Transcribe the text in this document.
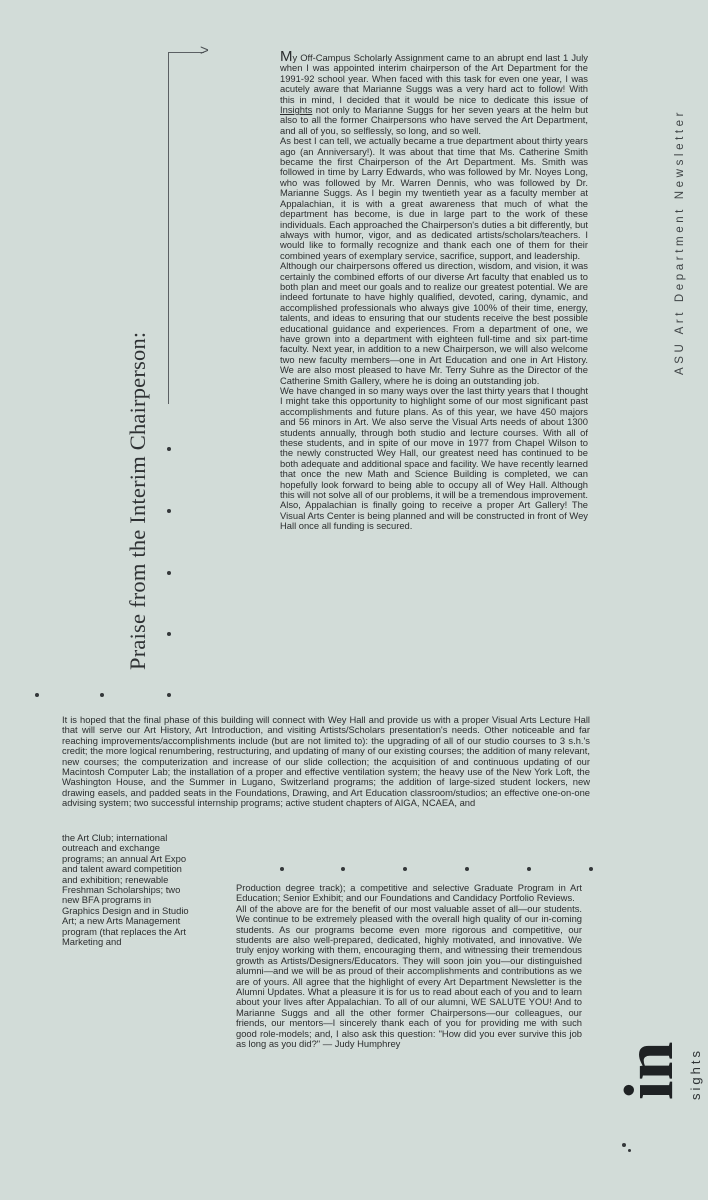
Praise from the Interim Chairperson:
>	My Off-Campus Scholarly Assignment came to an abrupt end last 1 July when I was appointed interim chairperson of the Art Department for the 1991-92 school year. When faced with this task for even one year, I was acutely aware that Marianne Suggs was a very hard act to follow! With this in mind, I decided that it would be nice to dedicate this issue of Insights not only to Marianne Suggs for her seven years at the helm but also to all the former Chairpersons who have served the Art Department, and all of you, so selflessly, so long, and so well.

As best I can tell, we actually became a true department about thirty years ago (an Anniversary!). It was about that time that Ms. Catherine Smith became the first Chairperson of the Art Department. Ms. Smith was followed in time by Larry Edwards, who was followed by Mr. Noyes Long, who was followed by Mr. Warren Dennis, who was followed by Dr. Marianne Suggs. As I begin my twentieth year as a faculty member at Appalachian, it is with a great awareness that much of what the department has become, is due in large part to the work of these individuals. Each approached the Chairperson's duties a bit differently, but always with humor, vigor, and as dedicated artists/scholars/teachers. I would like to formally recognize and thank each one of them for their combined years of exemplary service, sacrifice, support, and leadership.

Although our chairpersons offered us direction, wisdom, and vision, it was certainly the combined efforts of our diverse Art faculty that enabled us to both plan and meet our goals and to realize our greatest potential. We are indeed fortunate to have highly qualified, devoted, caring, dynamic, and accomplished professionals who always give 100% of their time, energy, talents, and ideas to ensuring that our students receive the best possible educational guidance and experiences. From a department of one, we have grown into a department with eighteen full-time and six part-time faculty. Next year, in addition to a new Chairperson, we will also welcome two new faculty members—one in Art Education and one in Art History. We are also most pleased to have Mr. Terry Suhre as the Director of the Catherine Smith Gallery, where he is doing an outstanding job.

We have changed in so many ways over the last thirty years that I thought I might take this opportunity to highlight some of our most significant past accomplishments and future plans. As of this year, we have 450 majors and 56 minors in Art. We also serve the Visual Arts needs of about 1300 students annually, through both studio and lecture courses. With all of these students, and in spite of our move in 1977 from Chapel Wilson to the newly constructed Wey Hall, our greatest need has continued to be both adequate and additional space and facility. We have recently learned that once the new Math and Science Building is completed, we can hopefully look forward to being able to occupy all of Wey Hall. Although this will not solve all of our problems, it will be a tremendous improvement. Also, Appalachian is finally going to receive a proper Art Gallery! The Visual Arts Center is being planned and will be constructed in front of Wey Hall once all funding is secured.

It is hoped that the final phase of this building will connect with Wey Hall and provide us with a proper Visual Arts Lecture Hall that will serve our Art History, Art Introduction, and visiting Artists/Scholars presentation's needs. Other noticeable and far reaching improvements/accomplishments include (but are not limited to): the upgrading of all of our studio courses to 3 s.h.'s credit; the more logical renumbering, restructuring, and updating of many of our existing courses; the addition of many relevant, new courses; the computerization and increase of our slide collection; the acquisition of and continuous updating of our Macintosh Computer Lab; the installation of a proper and effective ventilation system; the heavy use of the New York Loft, the Washington House, and the Summer in Lugano, Switzerland programs; the addition of large-sized student lockers, new drawing easels, and padded seats in the Foundations, Drawing, and Art Education classroom/studios; an effective one-on-one advising system; two successful internship programs; active student chapters of AIGA, NCAEA, and

the Art Club; international outreach and exchange programs; an annual Art Expo and talent award competition and exhibition; renewable Freshman Scholarships; two new BFA programs in Graphics Design and in Studio Art; a new Arts Management program (that replaces the Art Marketing and

Production degree track); a competitive and selective Graduate Program in Art Education; Senior Exhibit; and our Foundations and Candidacy Portfolio Reviews.

All of the above are for the benefit of our most valuable asset of all—our students. We continue to be extremely pleased with the overall high quality of our in-coming students. As our programs become even more rigorous and competitive, our students are also well-prepared, dedicated, highly motivated, and innovative. We truly enjoy working with them, encouraging them, and witnessing their tremendous growth as Artists/Designers/Educators. They will soon join you—our distinguished alumni—and we will be as proud of their accomplishments and contributions as we are of yours. All agree that the highlight of every Art Department Newsletter is the Alumni Updates. What a pleasure it is for us to read about each of you and to learn about your lives after Appalachian. To all of our alumni, WE SALUTE YOU! And to Marianne Suggs and all the other former Chairpersons—our colleagues, our friends, our mentors—I sincerely thank each of you for providing me with such good role-models; and, I also ask this question: "How did you ever survive this job as long as you did?" — Judy Humphrey

ASU Art Department Newsletter
in sights
